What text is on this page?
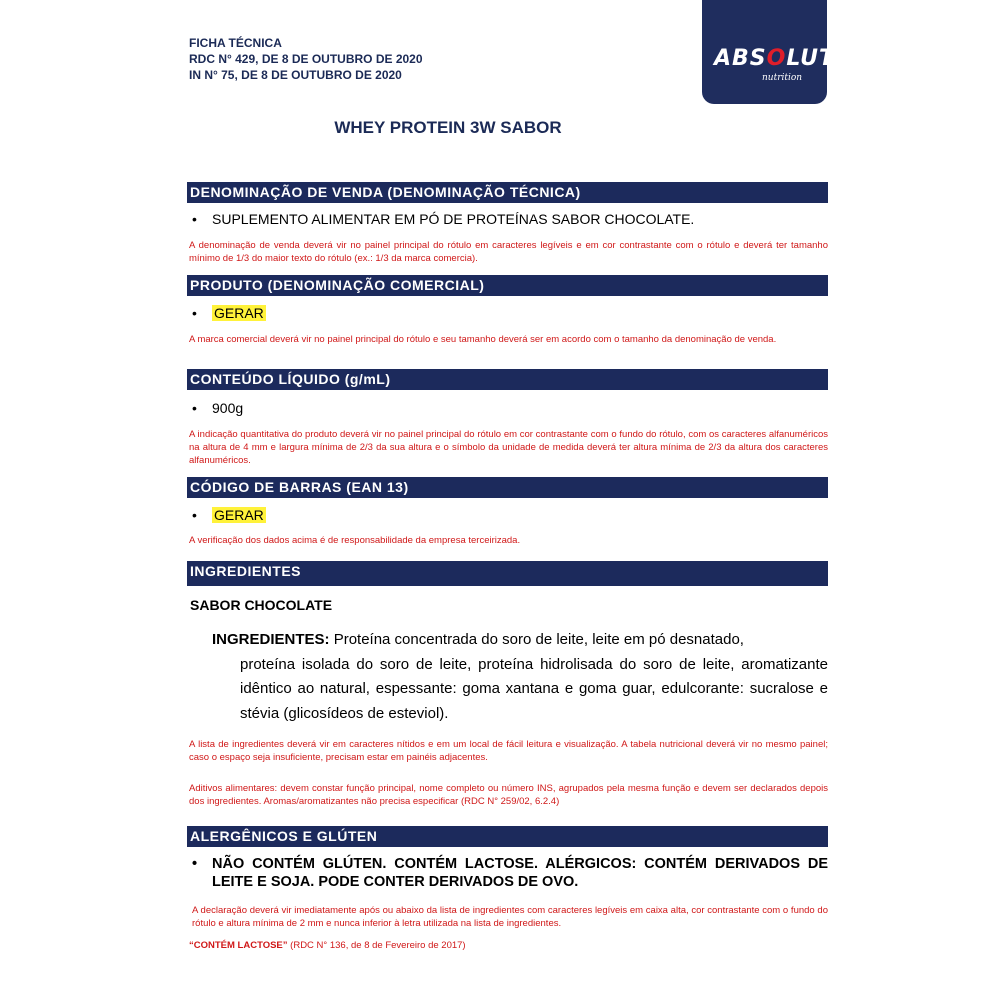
FICHA TÉCNICA
RDC N° 429, DE 8 DE OUTUBRO DE 2020
IN N° 75, DE 8 DE OUTUBRO DE 2020
ABSOLUT
nutrition
WHEY PROTEIN 3W SABOR
DENOMINAÇÃO DE VENDA (DENOMINAÇÃO TÉCNICA)
• SUPLEMENTO ALIMENTAR EM PÓ DE PROTEÍNAS SABOR CHOCOLATE.
A denominação de venda deverá vir no painel principal do rótulo em caracteres legíveis e em cor contrastante com o rótulo e deverá ter tamanho mínimo de 1/3 do maior texto do rótulo (ex.: 1/3 da marca comercia).
PRODUTO (DENOMINAÇÃO COMERCIAL)
• GERAR
A marca comercial deverá vir no painel principal do rótulo e seu tamanho deverá ser em acordo com o tamanho da denominação de venda.
CONTEÚDO LÍQUIDO (g/mL)
• 900g
A indicação quantitativa do produto deverá vir no painel principal do rótulo em cor contrastante com o fundo do rótulo, com os caracteres alfanuméricos na altura de 4 mm e largura mínima de 2/3 da sua altura e o símbolo da unidade de medida deverá ter altura mínima de 2/3 da altura dos caracteres alfanuméricos.
CÓDIGO DE BARRAS (EAN 13)
• GERAR
A verificação dos dados acima é de responsabilidade da empresa terceirizada.
INGREDIENTES
SABOR CHOCOLATE
INGREDIENTES: Proteína concentrada do soro de leite, leite em pó desnatado,
proteína isolada do soro de leite, proteína hidrolisada do soro de leite, aromatizante idêntico ao natural, espessante: goma xantana e goma guar, edulcorante: sucralose e stévia (glicosídeos de esteviol).
A lista de ingredientes deverá vir em caracteres nítidos e em um local de fácil leitura e visualização. A tabela nutricional deverá vir no mesmo painel; caso o espaço seja insuficiente, precisam estar em painéis adjacentes.
Aditivos alimentares: devem constar função principal, nome completo ou número INS, agrupados pela mesma função e devem ser declarados depois dos ingredientes. Aromas/aromatizantes não precisa especificar (RDC N° 259/02, 6.2.4)
ALERGÊNICOS E GLÚTEN
•	NÃO CONTÉM GLÚTEN. CONTÉM LACTOSE. ALÉRGICOS: CONTÉM DERIVADOS DE LEITE E SOJA. PODE CONTER DERIVADOS DE OVO.
A declaração deverá vir imediatamente após ou abaixo da lista de ingredientes com caracteres legíveis em caixa alta, cor contrastante com o fundo do rótulo e altura mínima de 2 mm e nunca inferior à letra utilizada na lista de ingredientes.
“CONTÉM LACTOSE” (RDC N° 136, de 8 de Fevereiro de 2017)
